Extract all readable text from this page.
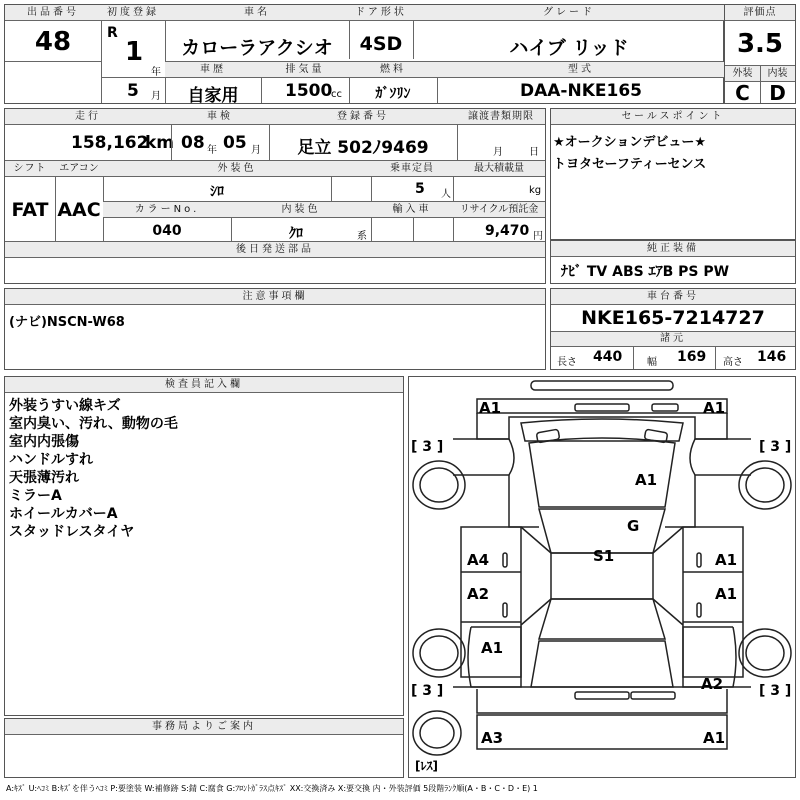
出品番号
48
初度登録
R
1
年
5 月
車名
カローラアクシオ
ドア形状
4SD
グレード
ハイブ リッド
車歴
自家用
排気量
1500
cc
燃料
ｶﾞｿﾘﾝ
型式
DAA-NKE165
評価点
3.5
外装	内装
C D
走行
158,162
km
車検
08 年 05 月
登録番号
足立 502ﾉ9469
譲渡書類期限
月	日
シフト
FAT
エアコン
AAC
外装色
ｼﾛ
乗車定員
5 人
最大積載量
kg
カラーNo.
040
内装色
ｸﾛ	系
輸入車	リサイクル預託金
9,470 円
後日発送部品
セールスポイント
★オークションデビュー★
トヨタセーフティーセンス
純正装備
ﾅﾋﾞ TV ABS ｴｱB PS PW
注意事項欄
(ナビ)NSCN-W68
車台番号
NKE165-7214727
諸元
長さ 440 幅 169 高さ 146
検査員記入欄
外装うすい線キズ
室内臭い、汚れ、動物の毛
室内内張傷
ハンドルすれ
天張薄汚れ
ミラーA
ホイールカバーA
スタッドレスタイヤ
事務局よりご案内
A1	A1
A1
G
S1
A4	A1
A2	A1
A1
A2
A3	A1
[ 3 ]	[ 3 ]
[ 3 ]	[ 3 ]
[ﾚｽ]
A:ｷｽﾞ U:ﾍｺﾐ B:ｷｽﾞを伴うﾍｺﾐ P:要塗装 W:補修跡 S:錆 C:腐食 G:ﾌﾛﾝﾄｶﾞﾗｽ点ｷｽﾞ XX:交換済み X:要交換 内・外装評価 5段階ﾗﾝｸ順(A・B・C・D・E) 1
